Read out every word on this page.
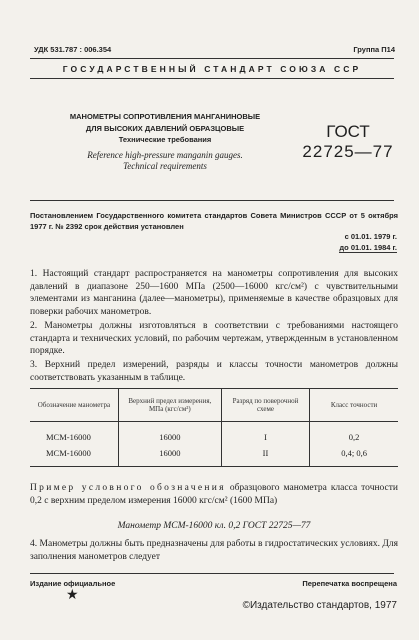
УДК 531.787 : 006.354	Группа П14
ГОСУДАРСТВЕННЫЙ СТАНДАРТ СОЮЗА ССР
МАНОМЕТРЫ СОПРОТИВЛЕНИЯ МАНГАНИНОВЫЕ
ДЛЯ ВЫСОКИХ ДАВЛЕНИЙ ОБРАЗЦОВЫЕ
Технические требования
Reference high-pressure manganin gauges.
Technical requirements
ГОСТ
22725—77
Постановлением Государственного комитета стандартов Совета Министров СССР от 5 октября 1977 г. № 2392 срок действия установлен
с 01.01. 1979 г.
до 01.01. 1984 г.
1. Настоящий стандарт распространяется на манометры сопротивления для высоких давлений в диапазоне 250—1600 МПа (2500—16000 кгс/см²) с чувствительными элементами из манганина (далее—манометры), применяемые в качестве образцовых для поверки рабочих манометров.
2. Манометры должны изготовляться в соответствии с требованиями настоящего стандарта и технических условий, по рабочим чертежам, утвержденным в установленном порядке.
3. Верхний предел измерений, разряды и классы точности манометров должны соответствовать указанным в таблице.
Обозначение манометра	Верхний предел измерения, МПа (кгс/см²)	Разряд по поверочной схеме	Класс точности
МСМ-16000	16000	I	0,2
МСМ-16000	16000	II	0,4; 0,6
Пример условного обозначения образцового манометра класса точности 0,2 с верхним пределом измерения 16000 кгс/см² (1600 МПа)
Манометр МСМ-16000 кл. 0,2 ГОСТ 22725—77
4. Манометры должны быть предназначены для работы в гидростатических условиях. Для заполнения манометров следует
Издание официальное	Перепечатка воспрещена
★
©Издательство стандартов, 1977
